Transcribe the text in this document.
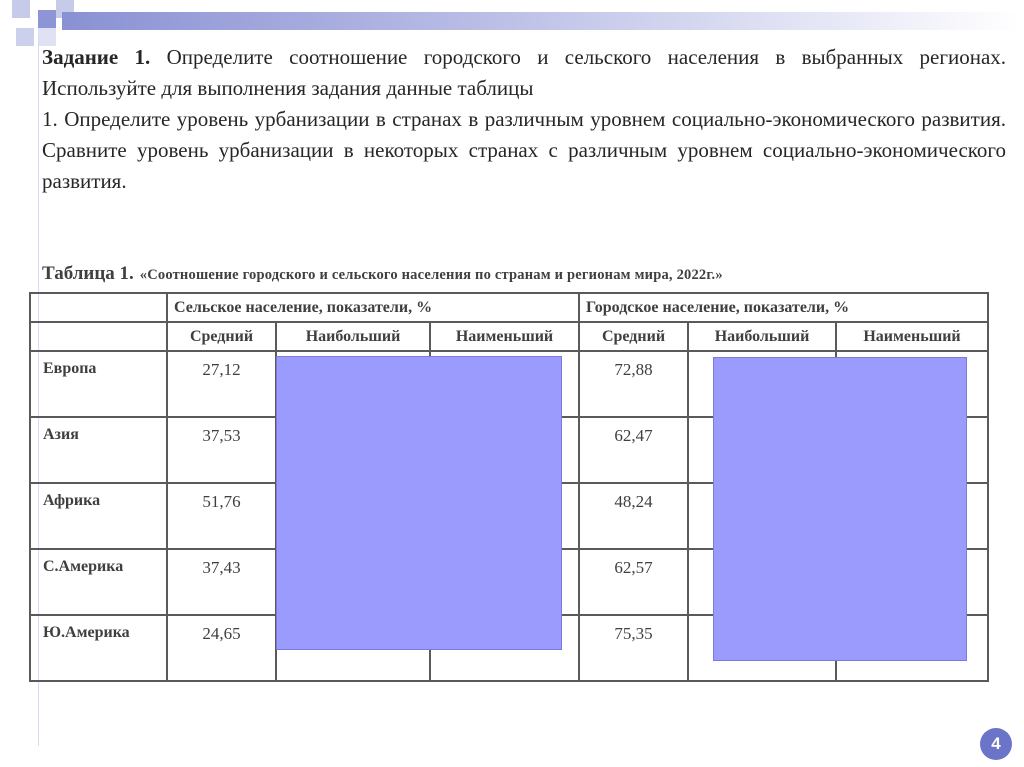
Задание 1. Определите соотношение городского и сельского населения в выбранных регионах. Используйте для выполнения задания данные таблицы

1. Определите уровень урбанизации в странах в различным уровнем социально-экономического развития. Сравните уровень урбанизации в некоторых странах с различным уровнем социально-экономического развития.

Таблица 1. «Соотношение городского и сельского населения по странам и регионам мира, 2022г.»
	Сельское население, показатели, %			Городское население, показатели, %		
	Средний	Наибольший	Наименьший	Средний	Наибольший	Наименьший
Европа	27,12			72,88		
Азия	37,53			62,47		
Африка	51,76			48,24		
С.Америка	37,43			62,57		
Ю.Америка	24,65			75,35		
4
